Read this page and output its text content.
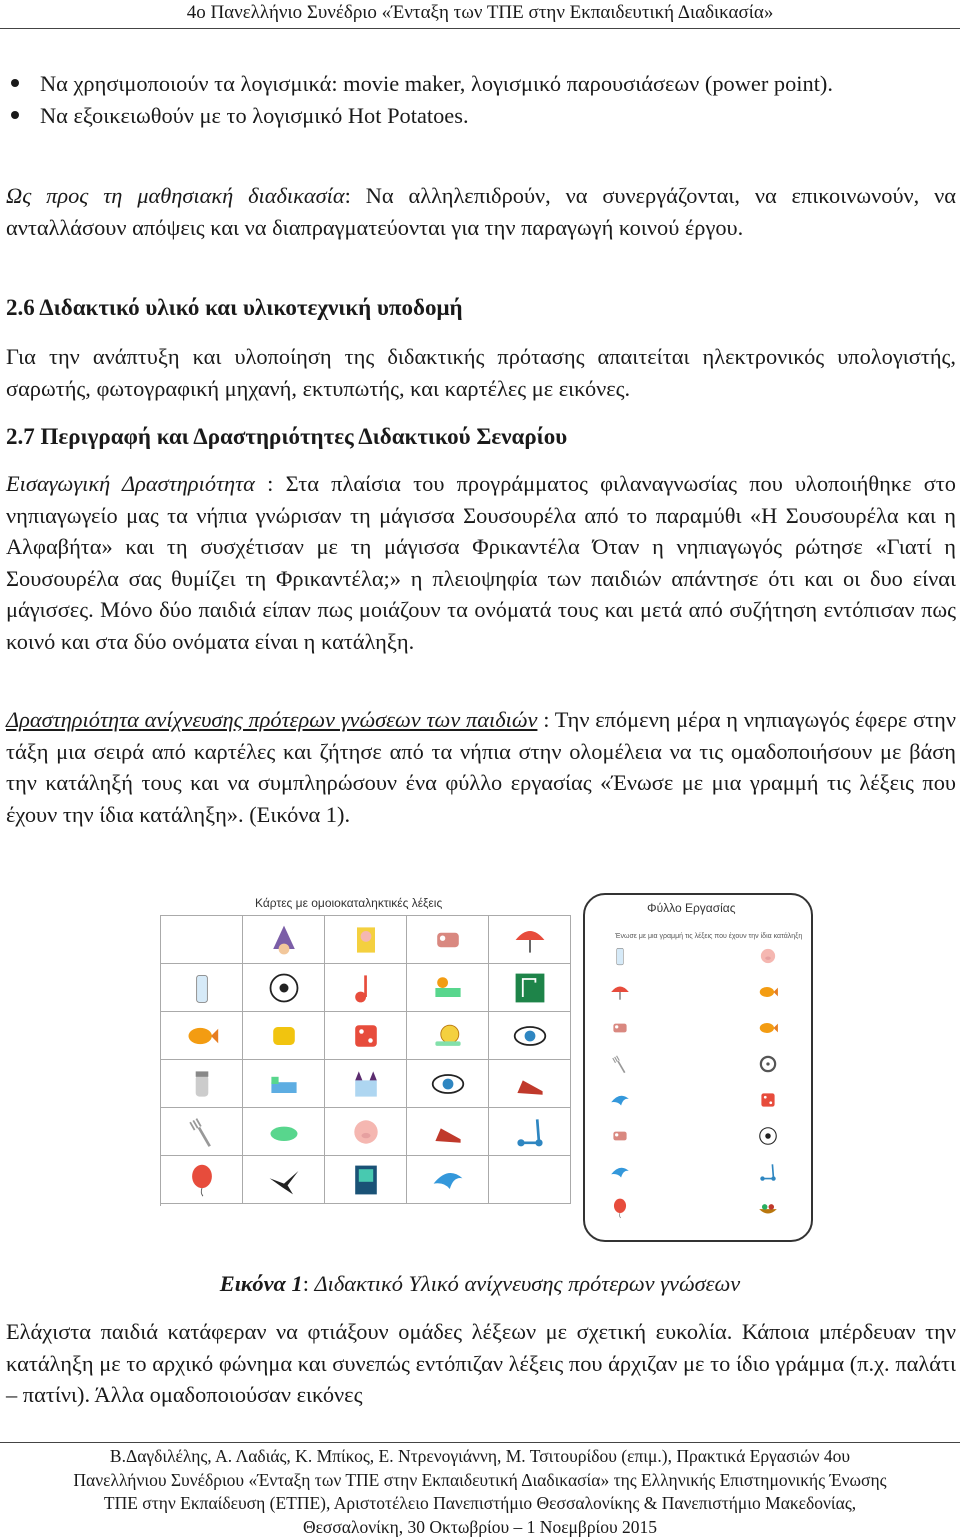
4ο Πανελλήνιο Συνέδριο «Ένταξη των ΤΠΕ στην Εκπαιδευτική Διαδικασία»
Να χρησιμοποιούν τα λογισμικά: movie maker, λογισμικό παρουσιάσεων (power point).
Να εξοικειωθούν με το λογισμικό Hot Potatoes.

Ως προς τη μαθησιακή διαδικασία: Να αλληλεπιδρούν, να συνεργάζονται, να επικοινωνούν, να ανταλλάσουν απόψεις και να διαπραγματεύονται για την παραγωγή κοινού έργου.

2.6 Διδακτικό υλικό και υλικοτεχνική υποδομή

Για την ανάπτυξη και υλοποίηση της διδακτικής πρότασης απαιτείται ηλεκτρονικός υπολογιστής, σαρωτής, φωτογραφική μηχανή, εκτυπωτής, και καρτέλες με εικόνες.

2.7 Περιγραφή και Δραστηριότητες Διδακτικού Σεναρίου

Εισαγωγική Δραστηριότητα : Στα πλαίσια του προγράμματος φιλαναγνωσίας που υλοποιήθηκε στο νηπιαγωγείο μας τα νήπια γνώρισαν τη μάγισσα Σουσουρέλα από το παραμύθι «Η Σουσουρέλα και η Αλφαβήτα» και τη συσχέτισαν με τη μάγισσα Φρικαντέλα Όταν η νηπιαγωγός ρώτησε «Γιατί η Σουσουρέλα σας θυμίζει τη Φρικαντέλα;» η πλειοψηφία των παιδιών απάντησε ότι και οι δυο είναι μάγισσες. Μόνο δύο παιδιά είπαν πως μοιάζουν τα ονόματά τους και μετά από συζήτηση εντόπισαν πως κοινό και στα δύο ονόματα είναι η κατάληξη.

Δραστηριότητα ανίχνευσης πρότερων γνώσεων των παιδιών : Την επόμενη μέρα η νηπιαγωγός έφερε στην τάξη μια σειρά από καρτέλες και ζήτησε από τα νήπια στην ολομέλεια να τις ομαδοποιήσουν με βάση την κατάληξή τους και να συμπληρώσουν ένα φύλλο εργασίας «Ένωσε με μια γραμμή τις λέξεις που έχουν την ίδια κατάληξη». (Εικόνα 1).

Κάρτες με ομοιοκαταληκτικές λέξεις	Φύλλο Εργασίας
Ένωσε με μια γραμμή τις λέξεις που έχουν την ίδια κατάληξη
Εικόνα 1: Διδακτικό Υλικό ανίχνευσης πρότερων γνώσεων

Ελάχιστα παιδιά κατάφεραν να φτιάξουν ομάδες λέξεων με σχετική ευκολία. Κάποια μπέρδευαν την κατάληξη με το αρχικό φώνημα και συνεπώς εντόπιζαν λέξεις που άρχιζαν με το ίδιο γράμμα (π.χ. παλάτι – πατίνι). Άλλα ομαδοποιούσαν εικόνες

Β.Δαγδιλέλης, Α. Λαδιάς, Κ. Μπίκος, Ε. Ντρενογιάννη, Μ. Τσιτουρίδου (επιμ.), Πρακτικά Εργασιών 4ου
Πανελλήνιου Συνέδριου «Ένταξη των ΤΠΕ στην Εκπαιδευτική Διαδικασία» της Ελληνικής Επιστημονικής Ένωσης
ΤΠΕ στην Εκπαίδευση (ΕΤΠΕ), Αριστοτέλειο Πανεπιστήμιο Θεσσαλονίκης & Πανεπιστήμιο Μακεδονίας,
Θεσσαλονίκη, 30 Οκτωβρίου – 1 Νοεμβρίου 2015
